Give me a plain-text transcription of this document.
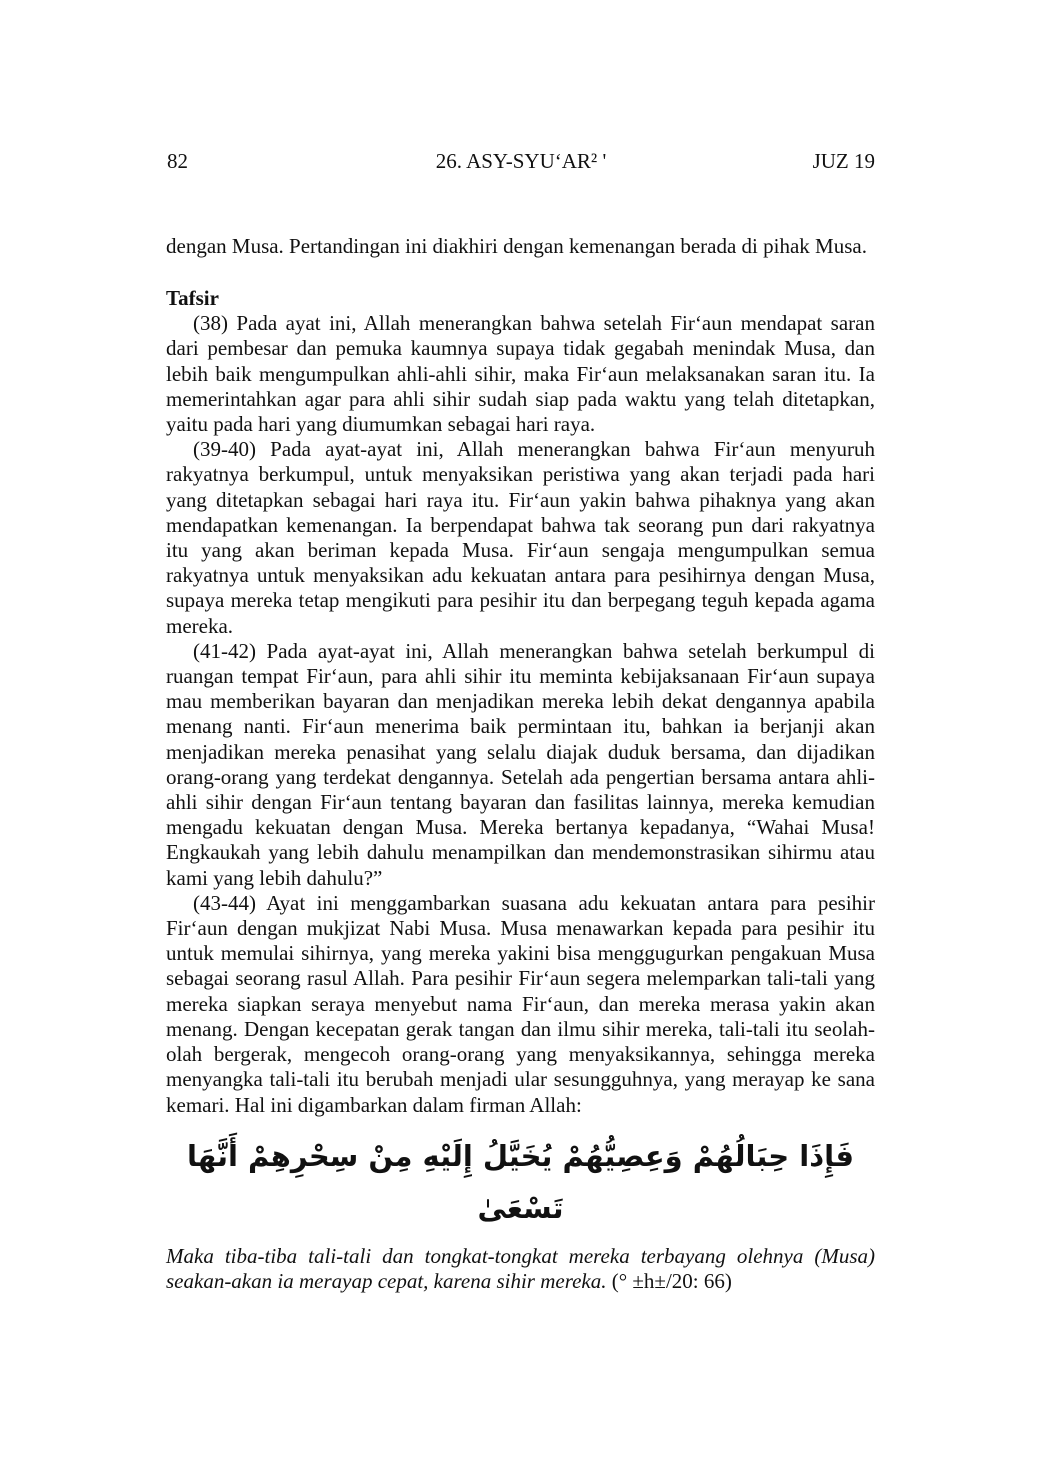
82	26. ASY-SYU‘AR² '	JUZ 19

dengan Musa. Pertandingan ini diakhiri dengan kemenangan berada di pihak Musa.

Tafsir

(38) Pada ayat ini, Allah menerangkan bahwa setelah Fir‘aun mendapat saran dari pembesar dan pemuka kaumnya supaya tidak gegabah menindak Musa, dan lebih baik mengumpulkan ahli-ahli sihir, maka Fir‘aun melaksanakan saran itu. Ia memerintahkan agar para ahli sihir sudah siap pada waktu yang telah ditetapkan, yaitu pada hari yang diumumkan sebagai hari raya.

(39-40) Pada ayat-ayat ini, Allah menerangkan bahwa Fir‘aun menyuruh rakyatnya berkumpul, untuk menyaksikan peristiwa yang akan terjadi pada hari yang ditetapkan sebagai hari raya itu. Fir‘aun yakin bahwa pihaknya yang akan mendapatkan kemenangan. Ia berpendapat bahwa tak seorang pun dari rakyatnya itu yang akan beriman kepada Musa. Fir‘aun sengaja mengumpulkan semua rakyatnya untuk menyaksikan adu kekuatan antara para pesihirnya dengan Musa, supaya mereka tetap mengikuti para pesihir itu dan berpegang teguh kepada agama mereka.

(41-42) Pada ayat-ayat ini, Allah menerangkan bahwa setelah berkumpul di ruangan tempat Fir‘aun, para ahli sihir itu meminta kebijaksanaan Fir‘aun supaya mau memberikan bayaran dan menjadikan mereka lebih dekat dengannya apabila menang nanti. Fir‘aun menerima baik permintaan itu, bahkan ia berjanji akan menjadikan mereka penasihat yang selalu diajak duduk bersama, dan dijadikan orang-orang yang terdekat dengannya. Setelah ada pengertian bersama antara ahli-ahli sihir dengan Fir‘aun tentang bayaran dan fasilitas lainnya, mereka kemudian mengadu kekuatan dengan Musa. Mereka bertanya kepadanya, “Wahai Musa! Engkaukah yang lebih dahulu menampilkan dan mendemonstrasikan sihirmu atau kami yang lebih dahulu?”

(43-44) Ayat ini menggambarkan suasana adu kekuatan antara para pesihir Fir‘aun dengan mukjizat Nabi Musa. Musa menawarkan kepada para pesihir itu untuk memulai sihirnya, yang mereka yakini bisa menggugurkan pengakuan Musa sebagai seorang rasul Allah. Para pesihir Fir‘aun segera melemparkan tali-tali yang mereka siapkan seraya menyebut nama Fir‘aun, dan mereka merasa yakin akan menang. Dengan kecepatan gerak tangan dan ilmu sihir mereka, tali-tali itu seolah-olah bergerak, mengecoh orang-orang yang menyaksikannya, sehingga mereka menyangka tali-tali itu berubah menjadi ular sesungguhnya, yang merayap ke sana kemari. Hal ini digambarkan dalam firman Allah:

فَإِذَا حِبَالُهُمْ وَعِصِيُّهُمْ يُخَيَّلُ إِلَيْهِ مِنْ سِحْرِهِمْ أَنَّهَا تَسْعَىٰ

Maka tiba-tiba tali-tali dan tongkat-tongkat mereka terbayang olehnya (Musa) seakan-akan ia merayap cepat, karena sihir mereka. (° ±h±/20: 66)
